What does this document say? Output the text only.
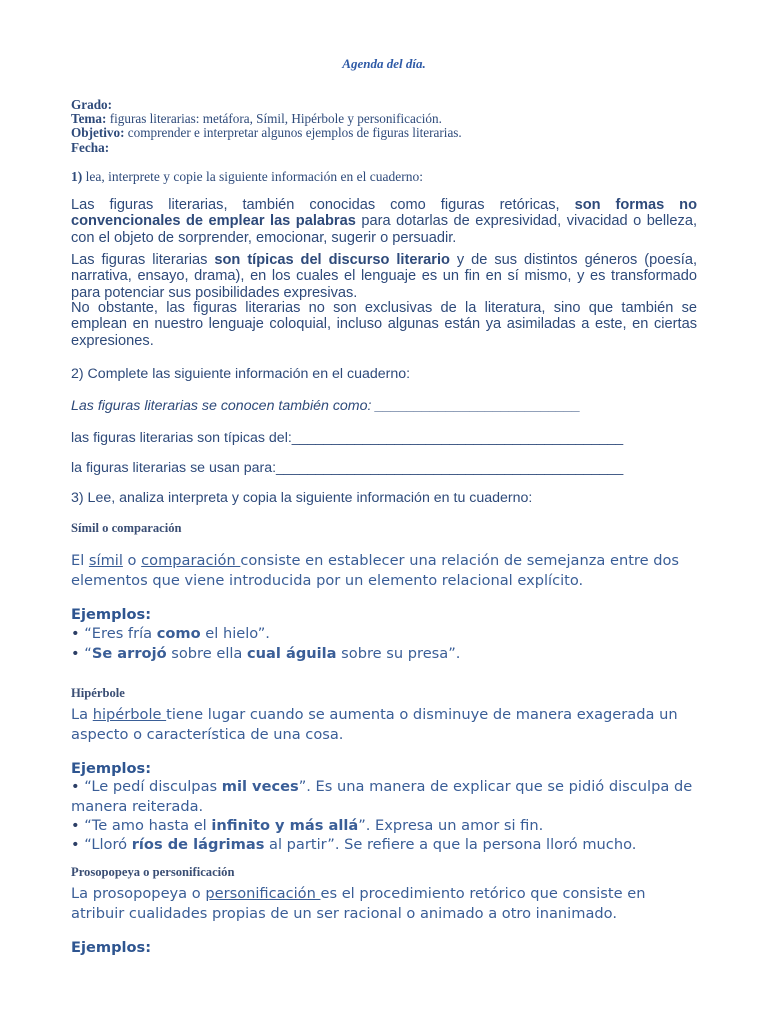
Agenda del día.
Grado:
Tema: figuras literarias: metáfora, Símil, Hipérbole y personificación.
Objetivo: comprender e interpretar algunos ejemplos de figuras literarias.
Fecha:
1) lea, interprete y copie la siguiente información en el cuaderno:

Las figuras literarias, también conocidas como figuras retóricas, son formas no convencionales de emplear las palabras para dotarlas de expresividad, vivacidad o belleza, con el objeto de sorprender, emocionar, sugerir o persuadir.

Las figuras literarias son típicas del discurso literario y de sus distintos géneros (poesía, narrativa, ensayo, drama), en los cuales el lenguaje es un fin en sí mismo, y es transformado para potenciar sus posibilidades expresivas.

No obstante, las figuras literarias no son exclusivas de la literatura, sino que también se emplean en nuestro lenguaje coloquial, incluso algunas están ya asimiladas a este, en ciertas expresiones.

2) Complete las siguiente información en el cuaderno:
Las figuras literarias se conocen también como: __________________________
las figuras literarias son típicas del:__________________________________________
la figuras literarias se usan para:____________________________________________
3) Lee, analiza interpreta y copia la siguiente información en tu cuaderno:
Símil o comparación

El símil o comparación consiste en establecer una relación de semejanza entre dos elementos que viene introducida por un elemento relacional explícito.

Ejemplos:
• “Eres fría como el hielo”.
• “Se arrojó sobre ella cual águila sobre su presa”.
Hipérbole

La hipérbole tiene lugar cuando se aumenta o disminuye de manera exagerada un aspecto o característica de una cosa.

Ejemplos:
• “Le pedí disculpas mil veces”. Es una manera de explicar que se pidió disculpa de manera reiterada.
• “Te amo hasta el infinito y más allá”. Expresa un amor si fin.
• “Lloró ríos de lágrimas al partir”. Se refiere a que la persona lloró mucho.
Prosopopeya o personificación

La prosopopeya o personificación es el procedimiento retórico que consiste en atribuir cualidades propias de un ser racional o animado a otro inanimado.

Ejemplos:
